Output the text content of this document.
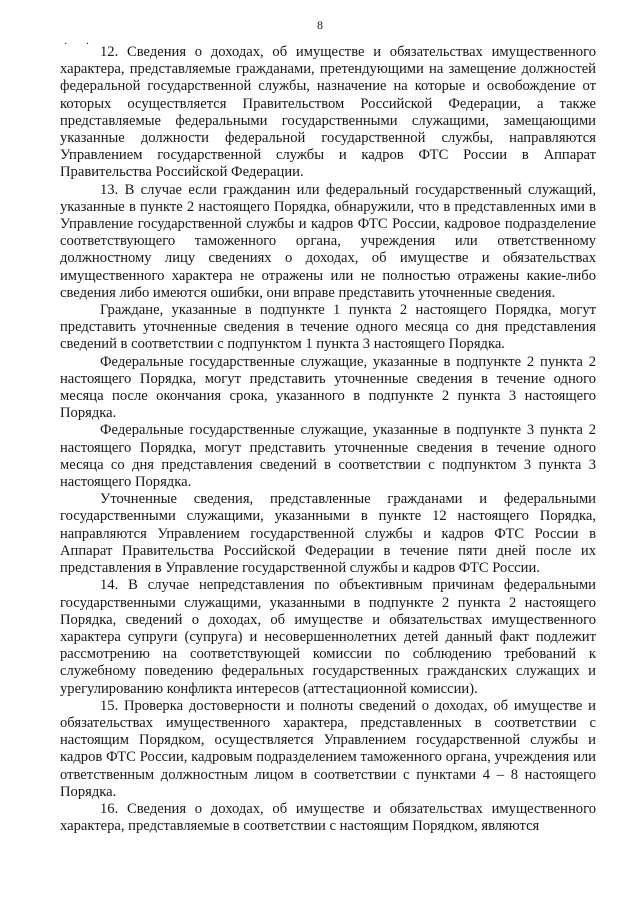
8
· · 12. Сведения о доходах, об имуществе и обязательствах имущественного характера, представляемые гражданами, претендующими на замещение должностей федеральной государственной службы, назначение на которые и освобождение от которых осуществляется Правительством Российской Федерации, а также представляемые федеральными государственными служащими, замещающими указанные должности федеральной государственной службы, направляются Управлением государственной службы и кадров ФТС России в Аппарат Правительства Российской Федерации.

13. В случае если гражданин или федеральный государственный служащий, указанные в пункте 2 настоящего Порядка, обнаружили, что в представленных ими в Управление государственной службы и кадров ФТС России, кадровое подразделение соответствующего таможенного органа, учреждения или ответственному должностному лицу сведениях о доходах, об имуществе и обязательствах имущественного характера не отражены или не полностью отражены какие-либо сведения либо имеются ошибки, они вправе представить уточненные сведения.

Граждане, указанные в подпункте 1 пункта 2 настоящего Порядка, могут представить уточненные сведения в течение одного месяца со дня представления сведений в соответствии с подпунктом 1 пункта 3 настоящего Порядка.

Федеральные государственные служащие, указанные в подпункте 2 пункта 2 настоящего Порядка, могут представить уточненные сведения в течение одного месяца после окончания срока, указанного в подпункте 2 пункта 3 настоящего Порядка.

Федеральные государственные служащие, указанные в подпункте 3 пункта 2 настоящего Порядка, могут представить уточненные сведения в течение одного месяца со дня представления сведений в соответствии с подпунктом 3 пункта 3 настоящего Порядка.

Уточненные сведения, представленные гражданами и федеральными государственными служащими, указанными в пункте 12 настоящего Порядка, направляются Управлением государственной службы и кадров ФТС России в Аппарат Правительства Российской Федерации в течение пяти дней после их представления в Управление государственной службы и кадров ФТС России.

14. В случае непредставления по объективным причинам федеральными государственными служащими, указанными в подпункте 2 пункта 2 настоящего Порядка, сведений о доходах, об имуществе и обязательствах имущественного характера супруги (супруга) и несовершеннолетних детей данный факт подлежит рассмотрению на соответствующей комиссии по соблюдению требований к служебному поведению федеральных государственных гражданских служащих и урегулированию конфликта интересов (аттестационной комиссии).

15. Проверка достоверности и полноты сведений о доходах, об имуществе и обязательствах имущественного характера, представленных в соответствии с настоящим Порядком, осуществляется Управлением государственной службы и кадров ФТС России, кадровым подразделением таможенного органа, учреждения или ответственным должностным лицом в соответствии с пунктами 4 – 8 настоящего Порядка.

16. Сведения о доходах, об имуществе и обязательствах имущественного характера, представляемые в соответствии с настоящим Порядком, являются
